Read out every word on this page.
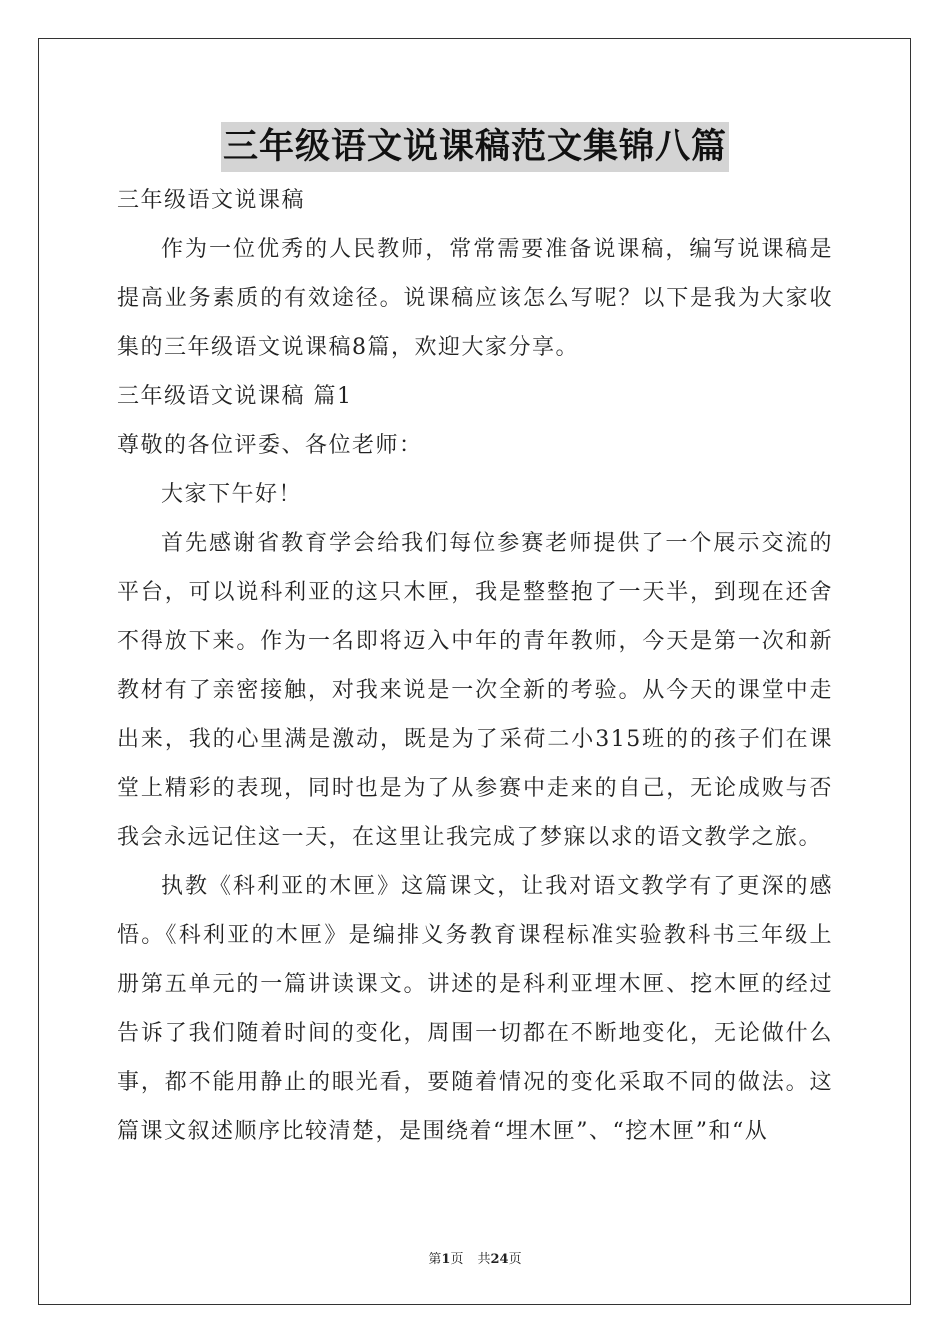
三年级语文说课稿范文集锦八篇

三年级语文说课稿

作为一位优秀的人民教师，常常需要准备说课稿，编写说课稿是提高业务素质的有效途径。说课稿应该怎么写呢？以下是我为大家收集的三年级语文说课稿8篇，欢迎大家分享。

三年级语文说课稿 篇1

尊敬的各位评委、各位老师：

大家下午好！

首先感谢省教育学会给我们每位参赛老师提供了一个展示交流的平台，可以说科利亚的这只木匣，我是整整抱了一天半，到现在还舍不得放下来。作为一名即将迈入中年的青年教师，今天是第一次和新教材有了亲密接触，对我来说是一次全新的考验。从今天的课堂中走出来，我的心里满是激动，既是为了采荷二小315班的的孩子们在课堂上精彩的表现，同时也是为了从参赛中走来的自己，无论成败与否我会永远记住这一天，在这里让我完成了梦寐以求的语文教学之旅。

执教《科利亚的木匣》这篇课文，让我对语文教学有了更深的感悟。《科利亚的木匣》是编排义务教育课程标准实验教科书三年级上册第五单元的一篇讲读课文。讲述的是科利亚埋木匣、挖木匣的经过告诉了我们随着时间的变化，周围一切都在不断地变化，无论做什么事，都不能用静止的眼光看，要随着情况的变化采取不同的做法。这篇课文叙述顺序比较清楚，是围绕着“埋木匣”、“挖木匣”和“从

第1页 共24页
